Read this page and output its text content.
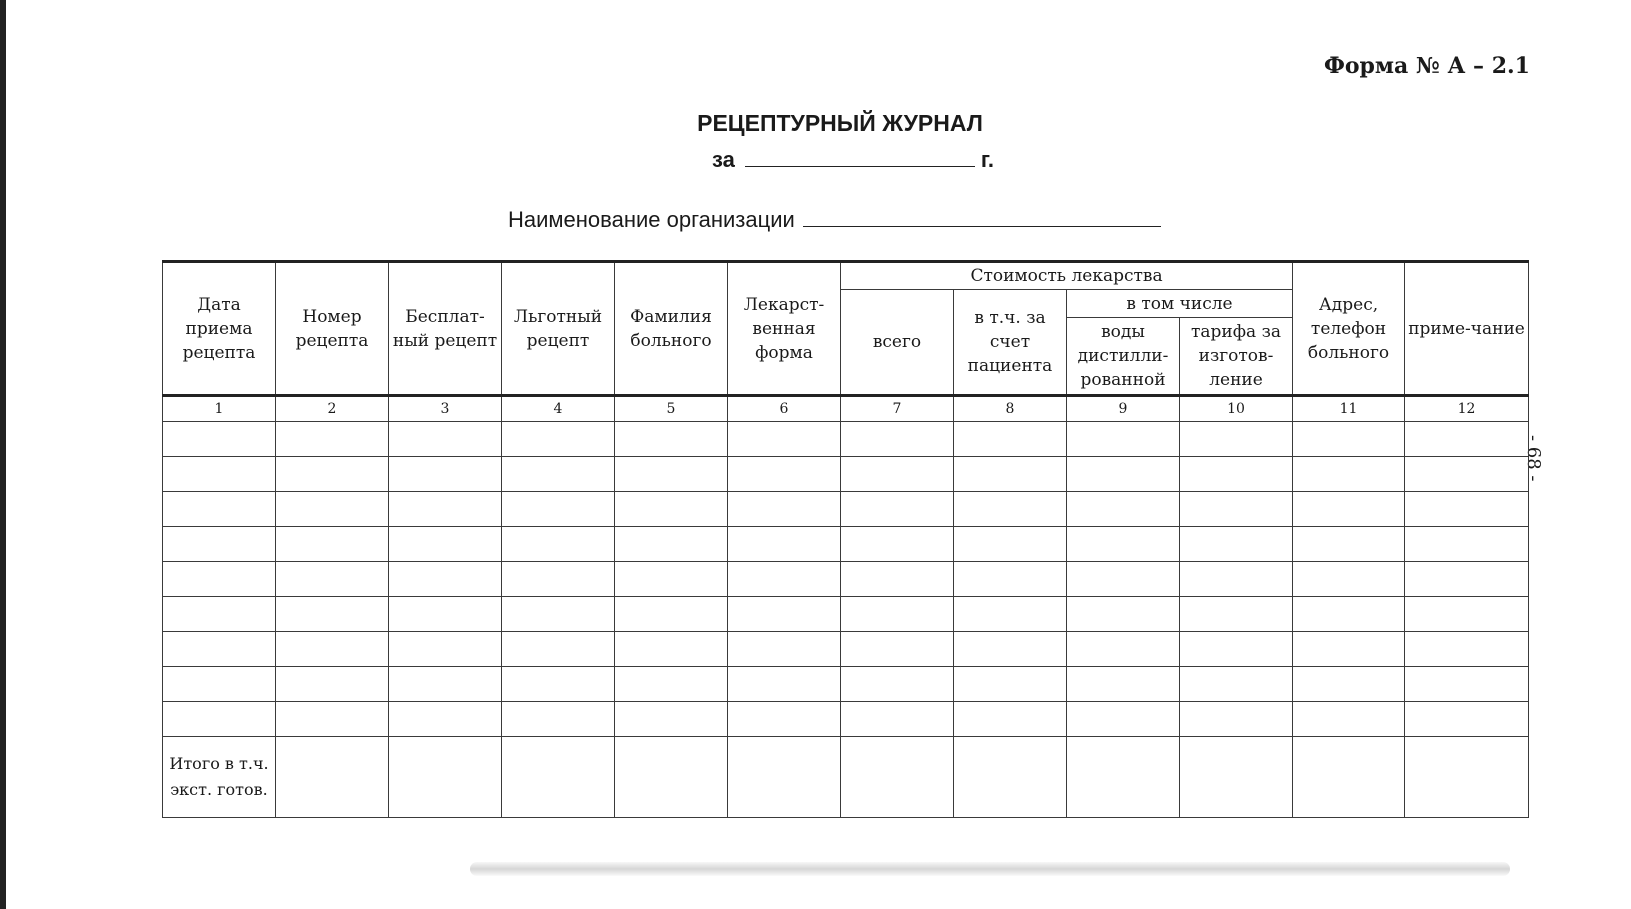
Форма № А – 2.1
РЕЦЕПТУРНЫЙ ЖУРНАЛ
за	г.
Наименование организации
- 68 -
Дата приема рецепта	Номер рецепта	Бесплат-ный рецепт	Льготный рецепт	Фамилия больного	Лекарст-венная форма	Стоимость лекарства				Адрес, телефон больного	приме-чание
						всего	в т.ч. за счет пациента	в том числе			
								воды дистилли-рованной	тарифа за изготов-ление		
1	2	3	4	5	6	7	8	9	10	11	12

Итого в т.ч. экст. готов.											
